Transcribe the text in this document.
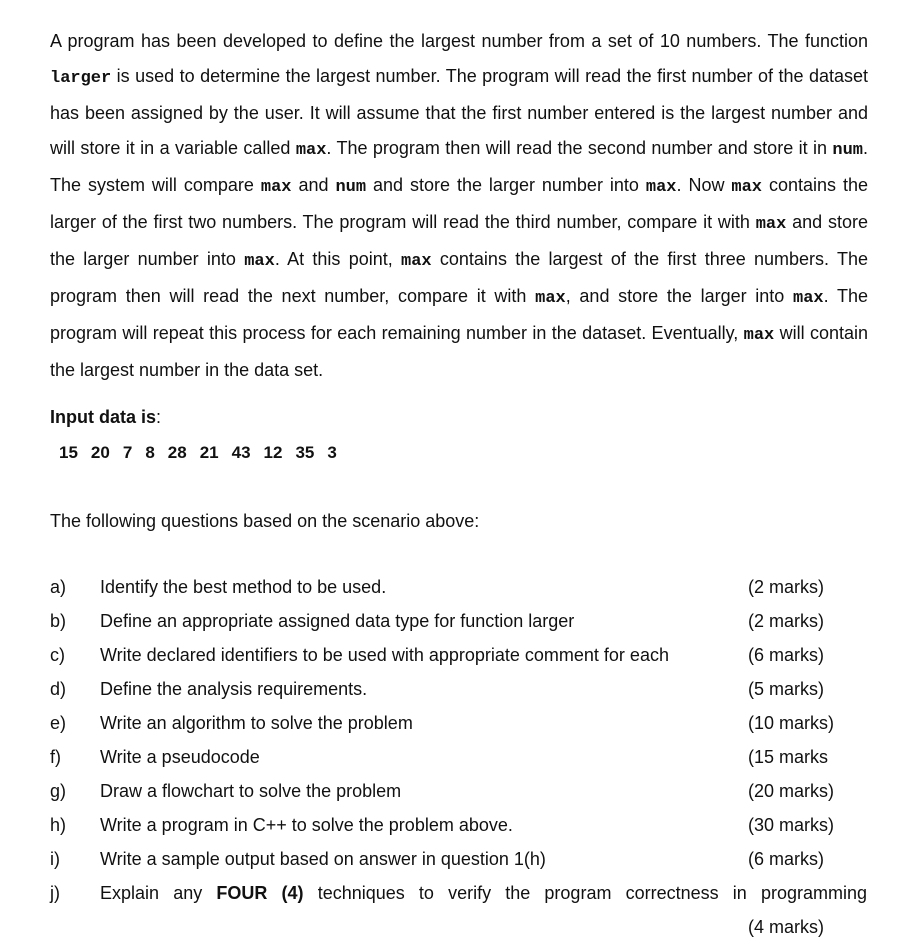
A program has been developed to define the largest number from a set of 10 numbers. The function larger is used to determine the largest number. The program will read the first number of the dataset has been assigned by the user. It will assume that the first number entered is the largest number and will store it in a variable called max. The program then will read the second number and store it in num. The system will compare max and num and store the larger number into max. Now max contains the larger of the first two numbers. The program will read the third number, compare it with max and store the larger number into max. At this point, max contains the largest of the first three numbers. The program then will read the next number, compare it with max, and store the larger into max. The program will repeat this process for each remaining number in the dataset. Eventually, max will contain the largest number in the data set.

Input data is:
15 20 7 8 28 21 43 12 35 3
The following questions based on the scenario above:
a) Identify the best method to be used.	(2 marks)
b) Define an appropriate assigned data type for function larger	(2 marks)
c) Write declared identifiers to be used with appropriate comment for each	(6 marks)
d) Define the analysis requirements.	(5 marks)
e) Write an algorithm to solve the problem	(10 marks)
f) Write a pseudocode	(15 marks
g) Draw a flowchart to solve the problem	(20 marks)
h) Write a program in C++ to solve the problem above.	(30 marks)
i) Write a sample output based on answer in question 1(h)	(6 marks)
j) Explain any FOUR (4) techniques to verify the program correctness in programming
(4 marks)
